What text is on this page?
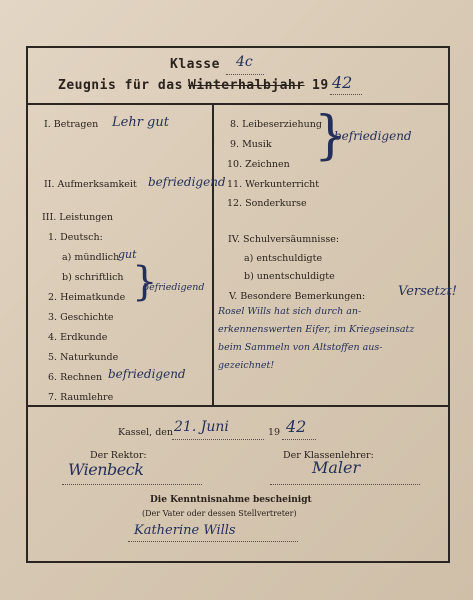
Klasse 4c
Zeugnis für das Winterhalbjahr 19 42
I. Betragen Lehr gut
II. Aufmerksamkeit befriedigend
III. Leistungen
1. Deutsch:
a) mündlich
gut
b) schriftlich
2. Heimatkunde }
befriedigend
3. Geschichte
4. Erdkunde
5. Naturkunde
6. Rechnen befriedigend
7. Raumlehre
8. Leibeserziehung
9. Musik
10. Zeichnen }
befriedigend
11. Werkunterricht
12. Sonderkurse
IV. Schulversäumnisse:
a) entschuldigte
b) unentschuldigte
V. Besondere Bemerkungen:	Versetzt!
Rosel Wills hat sich durch an-
erkennenswerten Eifer, im Kriegseinsatz
beim Sammeln von Altstoffen aus-
gezeichnet!
Kassel, den 21. Juni	19 42
Der Rektor:
Wienbeck
Der Klassenlehrer:
Maler
Die Kenntnisnahme bescheinigt
(Der Vater oder dessen Stellvertreter)
Katherine Wills
